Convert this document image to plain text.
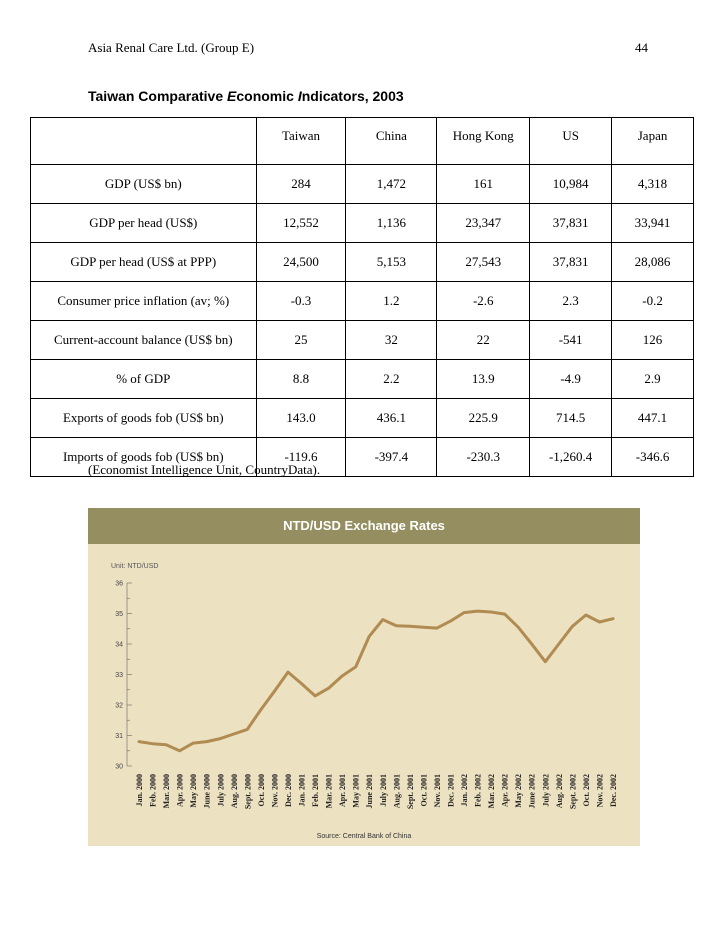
Asia Renal Care Ltd. (Group E)	44
Taiwan Comparative Economic Indicators, 2003
	Taiwan	China	Hong Kong	US	Japan
GDP (US$ bn)	284	1,472	161	10,984	4,318
GDP per head (US$)	12,552	1,136	23,347	37,831	33,941
GDP per head (US$ at PPP)	24,500	5,153	27,543	37,831	28,086
Consumer price inflation (av; %)	-0.3	1.2	-2.6	2.3	-0.2
Current-account balance (US$ bn)	25	32	22	-541	126
% of GDP	8.8	2.2	13.9	-4.9	2.9
Exports of goods fob (US$ bn)	143.0	436.1	225.9	714.5	447.1
Imports of goods fob (US$ bn)	-119.6	-397.4	-230.3	-1,260.4	-346.6
(Economist Intelligence Unit, CountryData).
NTD/USD Exchange Rates
Unit: NTD/USD
30
31
32
33
34
35
36
Jan. 2000 Feb. 2000 Mar. 2000 Apr. 2000 May 2000 June 2000 July 2000 Aug. 2000 Sept. 2000 Oct. 2000 Nov. 2000 Dec. 2000 Jan. 2001 Feb. 2001 Mar. 2001 Apr. 2001 May 2001 June 2001 July 2001 Aug. 2001 Sept. 2001 Oct. 2001 Nov. 2001 Dec. 2001 Jan. 2002 Feb. 2002 Mar. 2002 Apr. 2002 May 2002 June 2002 July 2002 Aug. 2002 Sept. 2002 Oct. 2002 Nov. 2002 Dec. 2002
Source: Central Bank of China
